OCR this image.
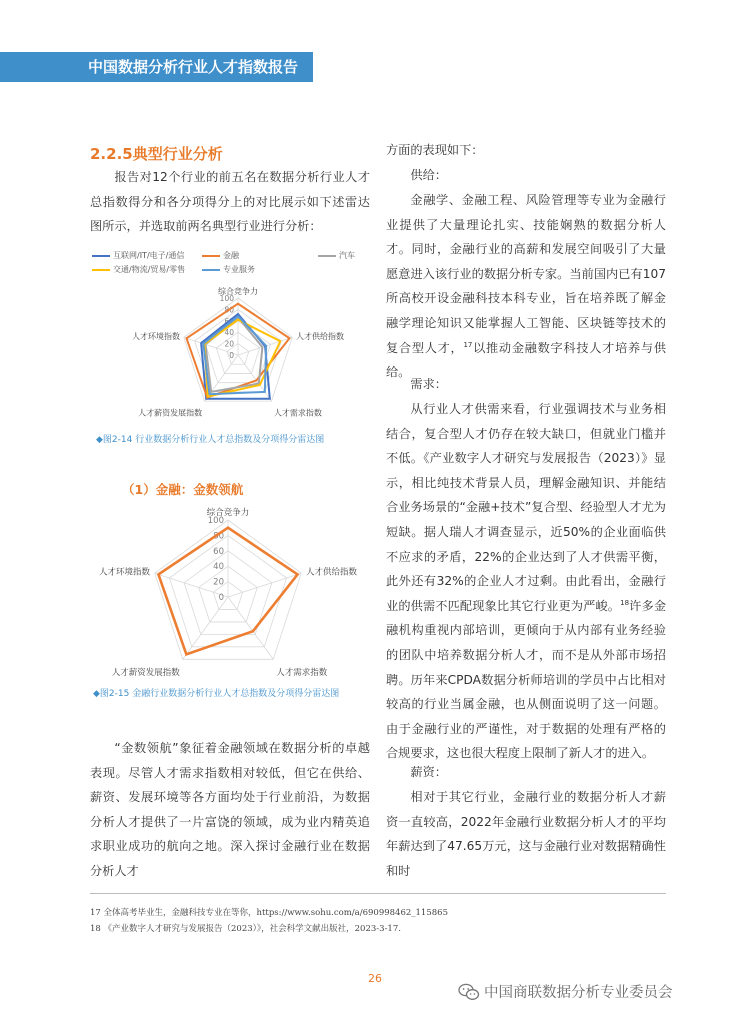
中国数据分析行业人才指数报告
2.2.5典型行业分析
报告对12个行业的前五名在数据分析行业人才总指数得分和各分项得分上的对比展示如下述雷达图所示，并选取前两名典型行业进行分析：
互联网/IT/电子/通信	金融	汽车
交通/物流/贸易/零售	专业服务
100
80
60
40
20
0
综合竞争力
人才供给指数
人才需求指数
人才薪资发展指数
人才环境指数
◆图2-14 行业数据分析行业人才总指数及分项得分雷达图
（1）金融：金数领航
100
80
60
40
20
0
综合竞争力
人才供给指数
人才需求指数
人才薪资发展指数
人才环境指数
◆图2-15 金融行业数据分析行业人才总指数及分项得分雷达图
“金数领航”象征着金融领域在数据分析的卓越表现。尽管人才需求指数相对较低，但它在供给、薪资、发展环境等各方面均处于行业前沿，为数据分析人才提供了一片富饶的领域，成为业内精英追求职业成功的航向之地。深入探讨金融行业在数据分析人才
方面的表现如下：
供给：
金融学、金融工程、风险管理等专业为金融行业提供了大量理论扎实、技能娴熟的数据分析人才。同时，金融行业的高薪和发展空间吸引了大量愿意进入该行业的数据分析专家。当前国内已有107所高校开设金融科技本科专业，旨在培养既了解金融学理论知识又能掌握人工智能、区块链等技术的复合型人才，$^{17}$以推动金融数字科技人才培养与供给。
需求：
从行业人才供需来看，行业强调技术与业务相结合，复合型人才仍存在较大缺口，但就业门槛并不低。《产业数字人才研究与发展报告（2023）》显示，相比纯技术背景人员，理解金融知识、并能结合业务场景的“金融+技术”复合型、经验型人才尤为短缺。据人瑞人才调查显示，近50%的企业面临供不应求的矛盾，22%的企业达到了人才供需平衡，此外还有32%的企业人才过剩。由此看出，金融行业的供需不匹配现象比其它行业更为严峻。$^{18}$许多金融机构重视内部培训，更倾向于从内部有业务经验的团队中培养数据分析人才，而不是从外部市场招聘。历年来CPDA数据分析师培训的学员中占比相对较高的行业当属金融，也从侧面说明了这一问题。由于金融行业的严谨性，对于数据的处理有严格的合规要求，这也很大程度上限制了新人才的进入。
薪资：
相对于其它行业，金融行业的数据分析人才薪资一直较高，2022年金融行业数据分析人才的平均年薪达到了47.65万元，这与金融行业对数据精确性和时
17 全体高考毕业生，金融科技专业在等你，https://www.sohu.com/a/690998462_115865
18 《产业数字人才研究与发展报告（2023）》，社会科学文献出版社，2023-3-17.
26
中国商联数据分析专业委员会
